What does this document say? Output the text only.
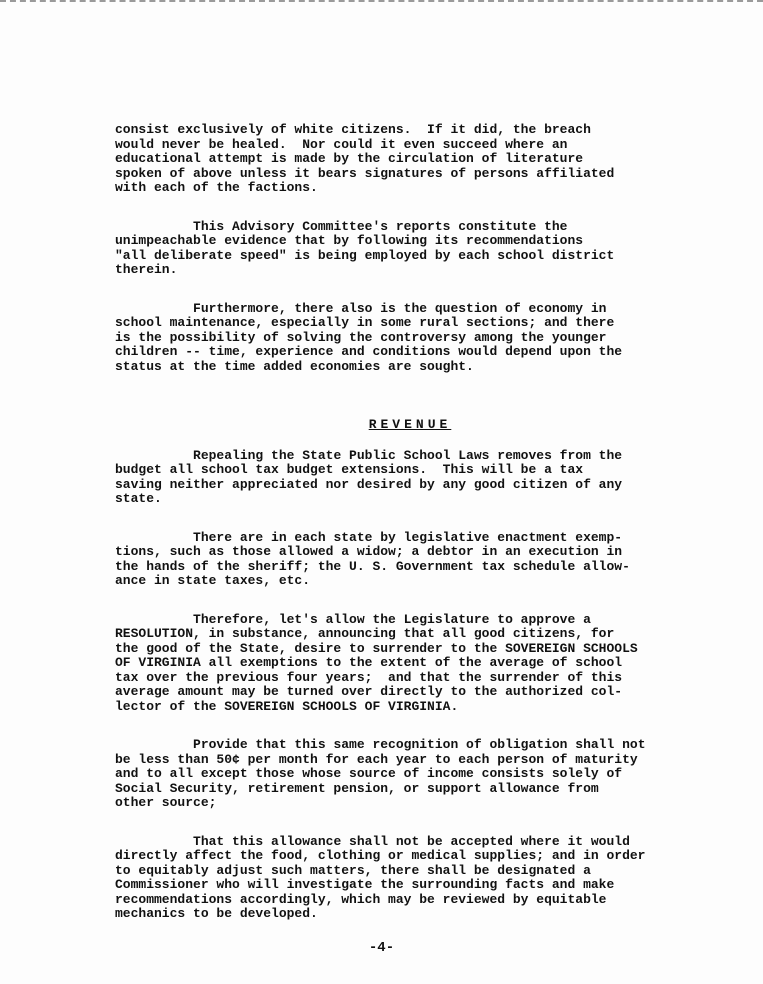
consist exclusively of white citizens.  If it did, the breach
would never be healed.  Nor could it even succeed where an
educational attempt is made by the circulation of literature
spoken of above unless it bears signatures of persons affiliated
with each of the factions.

This Advisory Committee's reports constitute the
unimpeachable evidence that by following its recommendations
"all deliberate speed" is being employed by each school district
therein.

Furthermore, there also is the question of economy in
school maintenance, especially in some rural sections; and there
is the possibility of solving the controversy among the younger
children -- time, experience and conditions would depend upon the
status at the time added economies are sought.

REVENUE

Repealing the State Public School Laws removes from the
budget all school tax budget extensions.  This will be a tax
saving neither appreciated nor desired by any good citizen of any
state.

There are in each state by legislative enactment exemp-
tions, such as those allowed a widow; a debtor in an execution in
the hands of the sheriff; the U. S. Government tax schedule allow-
ance in state taxes, etc.

Therefore, let's allow the Legislature to approve a
RESOLUTION, in substance, announcing that all good citizens, for
the good of the State, desire to surrender to the SOVEREIGN SCHOOLS
OF VIRGINIA all exemptions to the extent of the average of school
tax over the previous four years;  and that the surrender of this
average amount may be turned over directly to the authorized col-
lector of the SOVEREIGN SCHOOLS OF VIRGINIA.

Provide that this same recognition of obligation shall not
be less than 50¢ per month for each year to each person of maturity
and to all except those whose source of income consists solely of
Social Security, retirement pension, or support allowance from
other source;

That this allowance shall not be accepted where it would
directly affect the food, clothing or medical supplies; and in order
to equitably adjust such matters, there shall be designated a
Commissioner who will investigate the surrounding facts and make
recommendations accordingly, which may be reviewed by equitable
mechanics to be developed.

-4-
